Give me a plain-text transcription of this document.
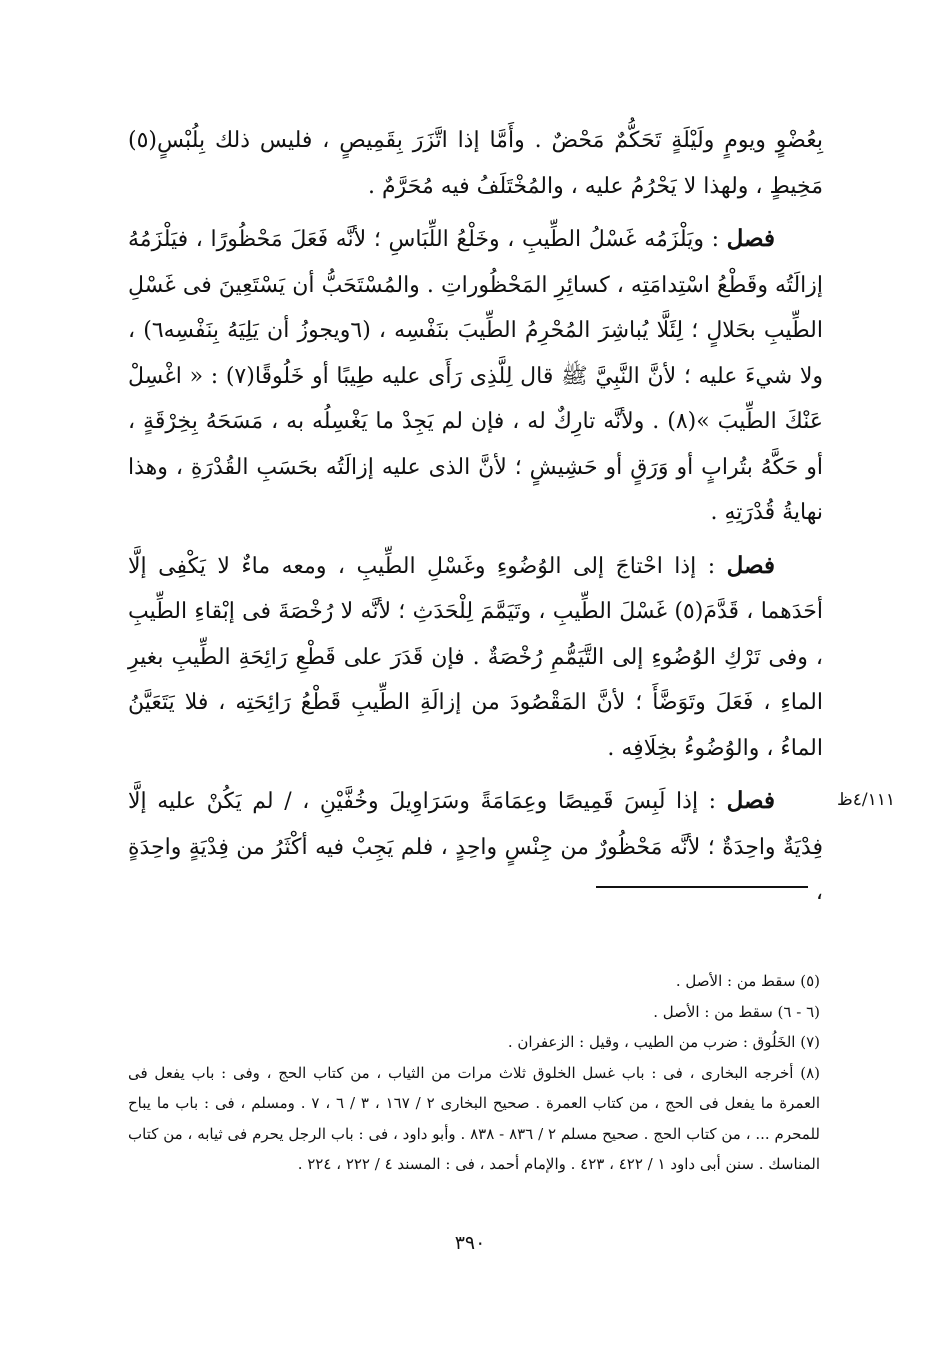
بِعُضْوٍ ويومٍ ولَيْلَةٍ تَحَكُّمٌ مَحْضٌ . وأَمَّا إذا اتَّزَرَ بِقَمِيصٍ ، فليس ذلك بِلُبْسٍ(٥) مَخِيطٍ ، ولهذا لا يَحْرُمُ عليه ، والمُخْتَلَفُ فيه مُحَرَّمٌ .

فصل : ويَلْزَمُه غَسْلُ الطِّيبِ ، وخَلْعُ اللِّبَاسِ ؛ لأنَّه فَعَلَ مَحْظُورًا ، فيَلْزَمُهُ إزالَتُه وقَطْعُ اسْتِدامَتِه ، كسائِرِ المَحْظُوراتِ . والمُسْتَحَبُّ أن يَسْتَعِينَ فى غَسْلِ الطِّيبِ بحَلالٍ ؛ لِئَلَّا يُباشِرَ المُحْرِمُ الطِّيبَ بنَفْسِه ، (٦ويجوزُ أن يَلِيَهُ بِنَفْسِه٦) ، ولا شيءَ عليه ؛ لأنَّ النَّبِيَّ ﷺ قال لِلَّذِى رَأَى عليه طِيبًا أو خَلُوقًا(٧) : « اغْسِلْ عَنْكَ الطِّيبَ »(٨) . ولأنَّه تارِكٌ له ، فإن لم يَجِدْ ما يَغْسِلُه به ، مَسَحَهُ بِخِرْقَةٍ ، أو حَكَّهُ بتُرابٍ أو وَرَقٍ أو حَشِيشٍ ؛ لأنَّ الذى عليه إزالَتُه بحَسَبِ القُدْرَةِ ، وهذا نهايةُ قُدْرَتِهِ .

فصل : إذا احْتاجَ إلى الوُضُوءِ وغَسْلِ الطِّيبِ ، ومعه ماءٌ لا يَكْفِى إلَّا أحَدَهما ، قَدَّمَ(٥) غَسْلَ الطِّيبِ ، وتَيَمَّمَ لِلْحَدَثِ ؛ لأنَّه لا رُخْصَةَ فى إبْقاءِ الطِّيبِ ، وفى تَرْكِ الوُضُوءِ إلى التَّيَمُّمِ رُخْصَةٌ . فإن قَدَرَ على قَطْعِ رَائِحَةِ الطِّيبِ بغيرِ الماءِ ، فَعَلَ وتَوَضَّأَ ؛ لأنَّ المَقْصُودَ من إزالَةِ الطِّيبِ قَطْعُ رَائِحَتِه ، فلا يَتَعَيَّنُ الماءُ ، والوُضُوءُ بخِلَافِه .

فصل : إذا لَبِسَ قَمِيصًا وعِمَامَةً وسَرَاوِيلَ وخُفَّيْنِ ، / لم يَكُنْ عليه إلَّا فِدْيَةٌ واحِدَةٌ ؛ لأنَّه مَحْظُورٌ من جِنْسٍ واحِدٍ ، فلم يَجِبْ فيه أكْثَرُ من فِدْيَةٍ واحِدَةٍ ،

٤/١١١ظ

(٥) سقط من : الأصل .

(٦ - ٦) سقط من : الأصل .

(٧) الخَلُوق : ضرب من الطيب ، وقيل : الزعفران .

(٨) أخرجه البخارى ، فى : باب غسل الخلوق ثلاث مرات من الثياب ، من كتاب الحج ، وفى : باب يفعل فى العمرة ما يفعل فى الحج ، من كتاب العمرة . صحيح البخارى ٢ / ١٦٧ ، ٣ / ٦ ، ٧ . ومسلم ، فى : باب ما يباح للمحرم ... ، من كتاب الحج . صحيح مسلم ٢ / ٨٣٦ - ٨٣٨ . وأبو داود ، فى : باب الرجل يحرم فى ثيابه ، من كتاب المناسك . سنن أبى داود ١ / ٤٢٢ ، ٤٢٣ . والإمام أحمد ، فى : المسند ٤ / ٢٢٢ ، ٢٢٤ .

٣٩٠
